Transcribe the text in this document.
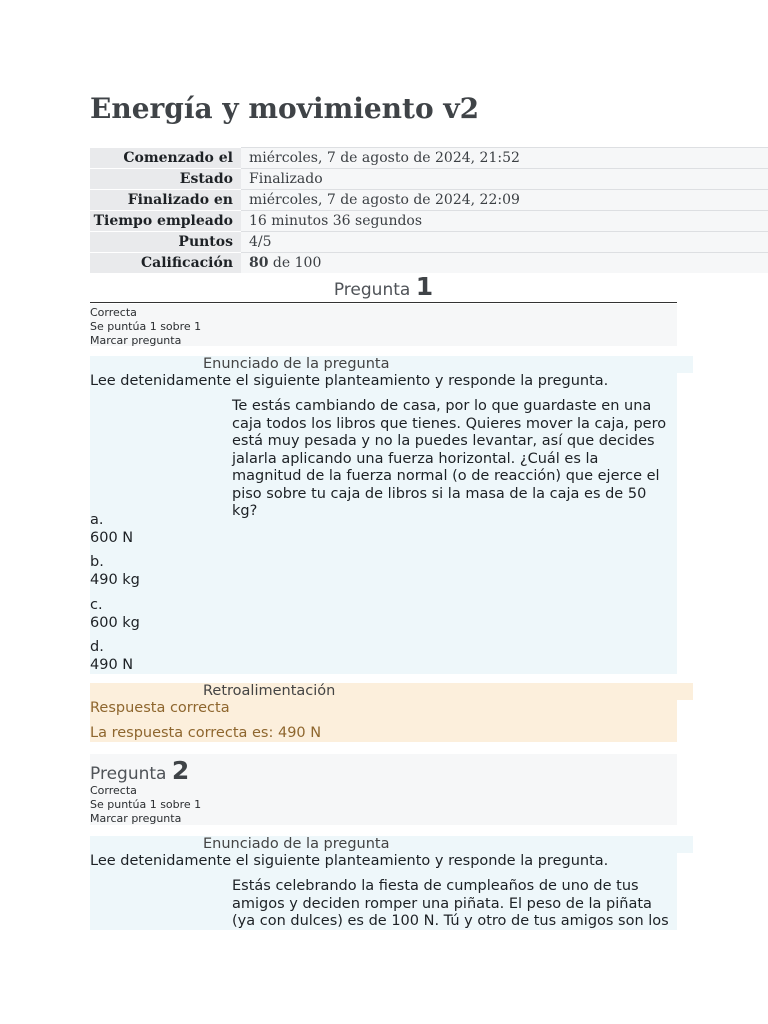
Energía y movimiento v2
Comenzado el	miércoles, 7 de agosto de 2024, 21:52
Estado	Finalizado
Finalizado en	miércoles, 7 de agosto de 2024, 22:09
Tiempo empleado	16 minutos 36 segundos
Puntos	4/5
Calificación	80 de 100
Pregunta 1
Correcta
Se puntúa 1 sobre 1
Marcar pregunta
Enunciado de la pregunta
Lee detenidamente el siguiente planteamiento y responde la pregunta.
Te estás cambiando de casa, por lo que guardaste en una caja todos los libros que tienes. Quieres mover la caja, pero está muy pesada y no la puedes levantar, así que decides jalarla aplicando una fuerza horizontal. ¿Cuál es la magnitud de la fuerza normal (o de reacción) que ejerce el piso sobre tu caja de libros si la masa de la caja es de 50 kg?
a.
600 N
b.
490 kg
c.
600 kg
d.
490 N
Retroalimentación
Respuesta correcta
La respuesta correcta es: 490 N
Pregunta 2
Correcta
Se puntúa 1 sobre 1
Marcar pregunta
Enunciado de la pregunta
Lee detenidamente el siguiente planteamiento y responde la pregunta.
Estás celebrando la fiesta de cumpleaños de uno de tus amigos y deciden romper una piñata. El peso de la piñata (ya con dulces) es de 100 N. Tú y otro de tus amigos son los
